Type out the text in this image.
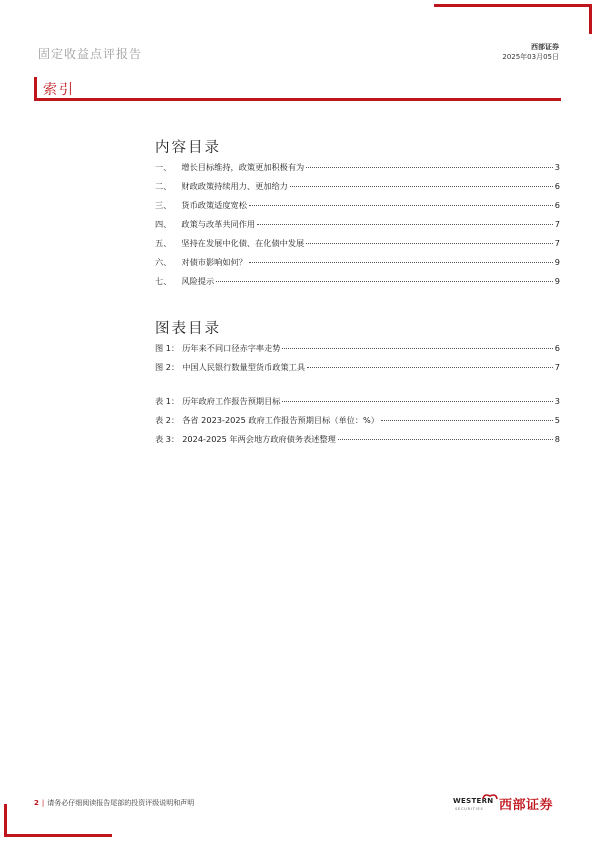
固定收益点评报告	西部证券
2025年03月05日
索引
内容目录
一、	增长目标维持，政策更加积极有为	3
二、	财政政策持续用力、更加给力	6
三、	货币政策适度宽松	6
四、	政策与改革共同作用	7
五、	坚持在发展中化债、在化债中发展	7
六、	对债市影响如何？	9
七、	风险提示	9
图表目录
图 1： 历年来不同口径赤字率走势	6
图 2： 中国人民银行数量型货币政策工具	7
表 1： 历年政府工作报告预期目标	3
表 2： 各省 2023-2025 政府工作报告预期目标（单位：%）	5
表 3： 2024-2025 年两会地方政府债务表述整理	8
2 | 请务必仔细阅读报告尾部的投资评级说明和声明	WESTERN
SECURITIES 西部证券
